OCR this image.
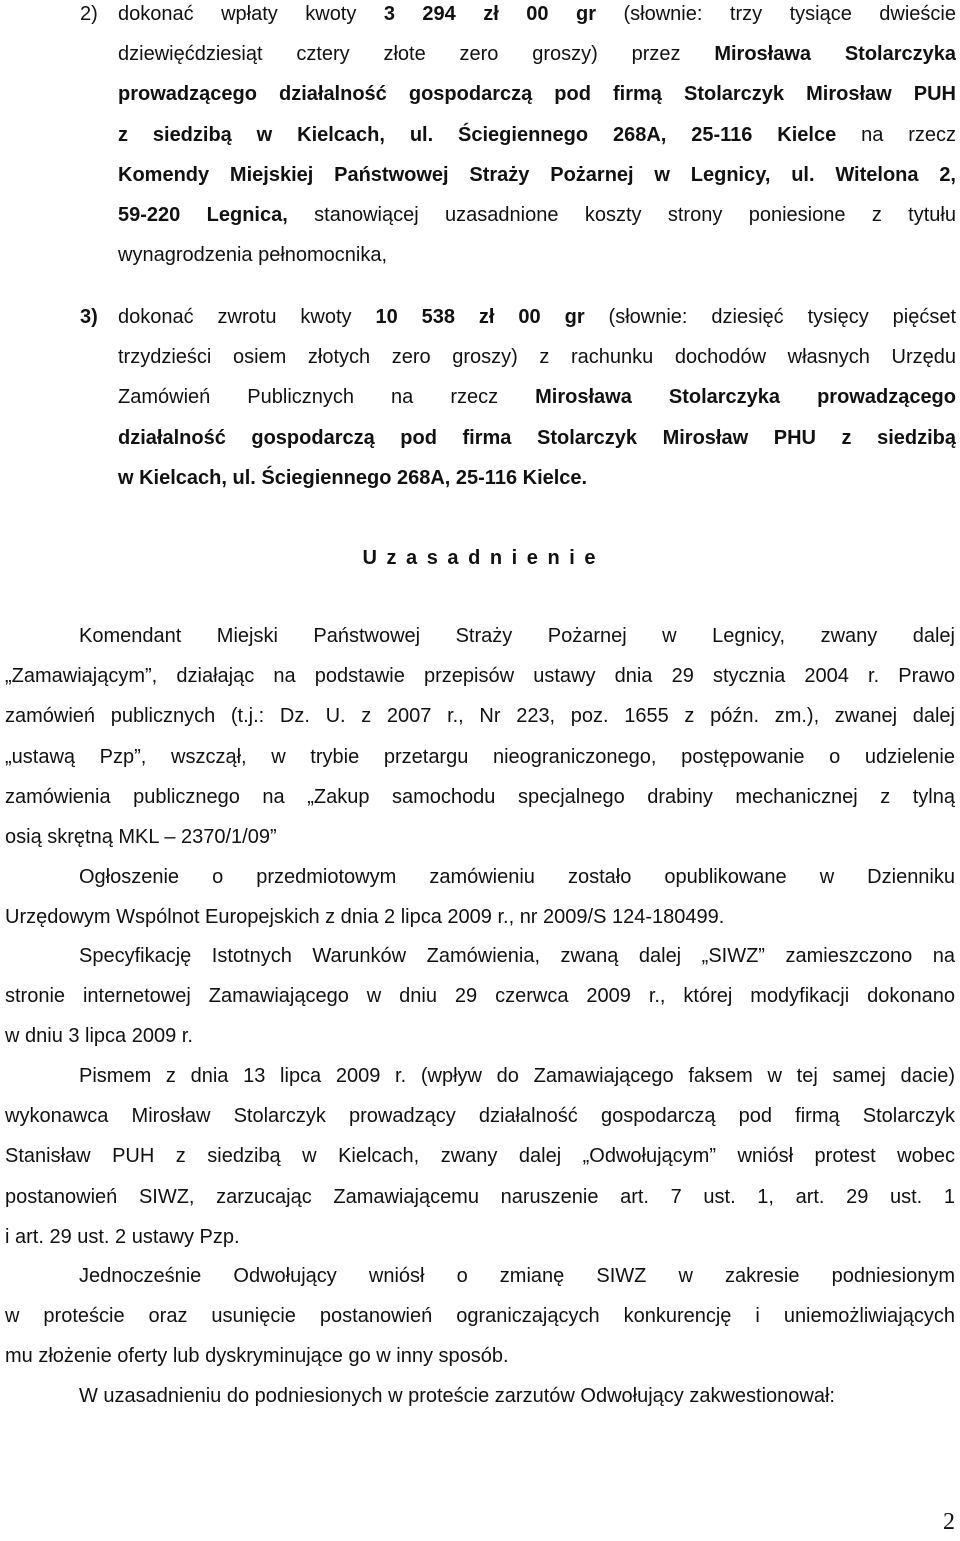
2)	dokonać wpłaty kwoty 3 294 zł 00 gr (słownie: trzy tysiące dwieście
dziewięćdziesiąt cztery złote zero groszy) przez Mirosława Stolarczyka
prowadzącego działalność gospodarczą pod firmą Stolarczyk Mirosław PUH
z siedzibą w Kielcach, ul. Ściegiennego 268A, 25-116 Kielce na rzecz
Komendy Miejskiej Państwowej Straży Pożarnej w Legnicy, ul. Witelona 2,
59-220 Legnica, stanowiącej uzasadnione koszty strony poniesione z tytułu
wynagrodzenia pełnomocnika,
3)	dokonać zwrotu kwoty 10 538 zł 00 gr (słownie: dziesięć tysięcy pięćset
trzydzieści osiem złotych zero groszy) z rachunku dochodów własnych Urzędu
Zamówień Publicznych na rzecz Mirosława Stolarczyka prowadzącego
działalność gospodarczą pod firma Stolarczyk Mirosław PHU z siedzibą
w Kielcach, ul. Ściegiennego 268A, 25-116 Kielce.
U z a s a d n i e n i e
Komendant Miejski Państwowej Straży Pożarnej w Legnicy, zwany dalej
„Zamawiającym”, działając na podstawie przepisów ustawy dnia 29 stycznia 2004 r. Prawo
zamówień publicznych (t.j.: Dz. U. z 2007 r., Nr 223, poz. 1655 z późn. zm.), zwanej dalej
„ustawą Pzp”, wszczął, w trybie przetargu nieograniczonego, postępowanie o udzielenie
zamówienia publicznego na „Zakup samochodu specjalnego drabiny mechanicznej z tylną
osią skrętną MKL – 2370/1/09”
Ogłoszenie o przedmiotowym zamówieniu zostało opublikowane w Dzienniku
Urzędowym Wspólnot Europejskich z dnia 2 lipca 2009 r., nr 2009/S 124-180499.
Specyfikację Istotnych Warunków Zamówienia, zwaną dalej „SIWZ” zamieszczono na
stronie internetowej Zamawiającego w dniu 29 czerwca 2009 r., której modyfikacji dokonano
w dniu 3 lipca 2009 r.
Pismem z dnia 13 lipca 2009 r. (wpływ do Zamawiającego faksem w tej samej dacie)
wykonawca Mirosław Stolarczyk prowadzący działalność gospodarczą pod firmą Stolarczyk
Stanisław PUH z siedzibą w Kielcach, zwany dalej „Odwołującym” wniósł protest wobec
postanowień SIWZ, zarzucając Zamawiającemu naruszenie art. 7 ust. 1, art. 29 ust. 1
i art. 29 ust. 2 ustawy Pzp.
Jednocześnie Odwołujący wniósł o zmianę SIWZ w zakresie podniesionym
w proteście oraz usunięcie postanowień ograniczających konkurencję i uniemożliwiających
mu złożenie oferty lub dyskryminujące go w inny sposób.
W uzasadnieniu do podniesionych w proteście zarzutów Odwołujący zakwestionował:
2
